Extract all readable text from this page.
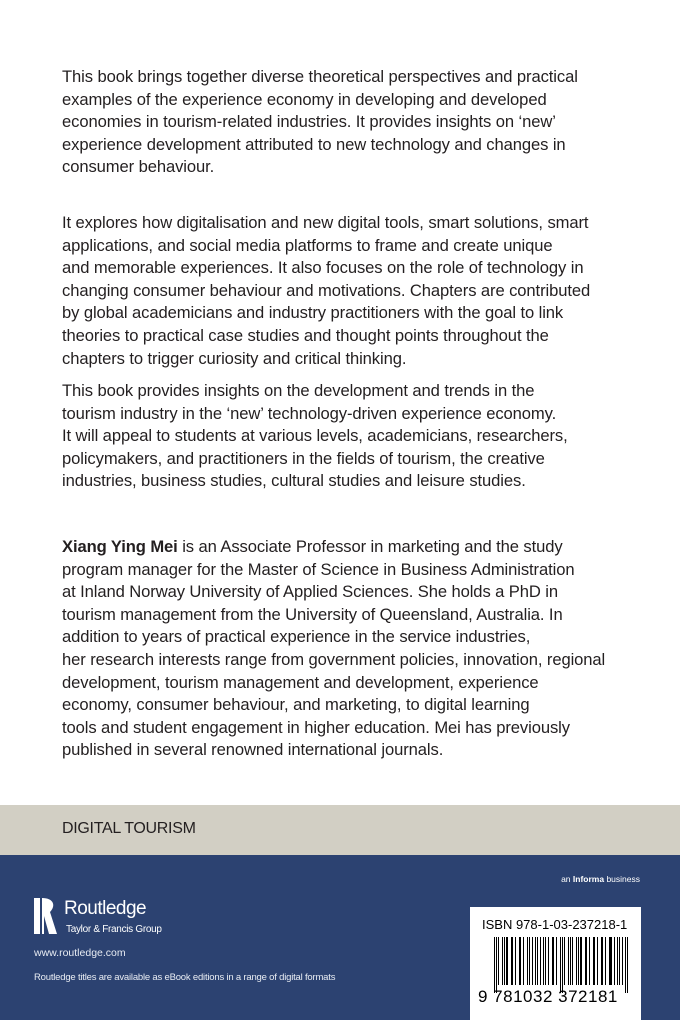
This book brings together diverse theoretical perspectives and practical
examples of the experience economy in developing and developed
economies in tourism-related industries. It provides insights on ‘new’
experience development attributed to new technology and changes in
consumer behaviour.
It explores how digitalisation and new digital tools, smart solutions, smart
applications, and social media platforms to frame and create unique
and memorable experiences. It also focuses on the role of technology in
changing consumer behaviour and motivations. Chapters are contributed
by global academicians and industry practitioners with the goal to link
theories to practical case studies and thought points throughout the
chapters to trigger curiosity and critical thinking.
This book provides insights on the development and trends in the
tourism industry in the ‘new’ technology-driven experience economy.
It will appeal to students at various levels, academicians, researchers,
policymakers, and practitioners in the fields of tourism, the creative
industries, business studies, cultural studies and leisure studies.
Xiang Ying Mei is an Associate Professor in marketing and the study
program manager for the Master of Science in Business Administration
at Inland Norway University of Applied Sciences. She holds a PhD in
tourism management from the University of Queensland, Australia. In
addition to years of practical experience in the service industries,
her research interests range from government policies, innovation, regional
development, tourism management and development, experience
economy, consumer behaviour, and marketing, to digital learning
tools and student engagement in higher education. Mei has previously
published in several renowned international journals.
DIGITAL TOURISM
Routledge
Taylor & Francis Group
www.routledge.com
Routledge titles are available as eBook editions in a range of digital formats
an Informa business
ISBN 978-1-03-237218-1
9 781032 372181
